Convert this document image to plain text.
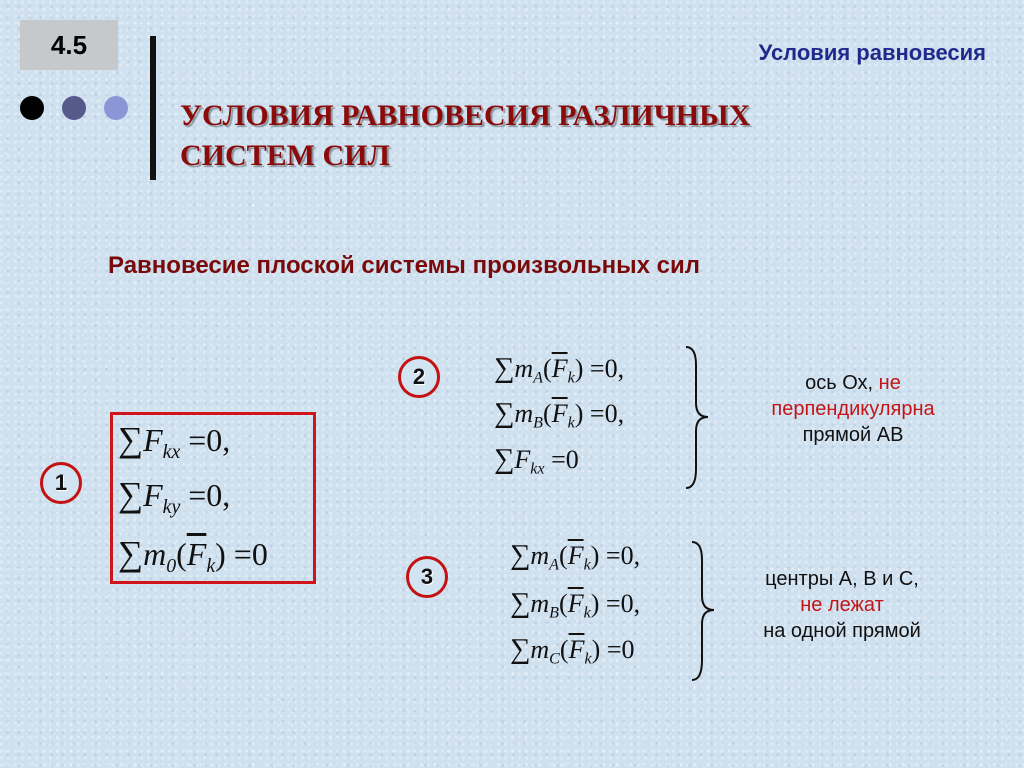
4.5	Условия равновесия
УСЛОВИЯ РАВНОВЕСИЯ РАЗЛИЧНЫХ
СИСТЕМ СИЛ
Равновесие плоской системы произвольных сил
1
$\sum F_{kx} =0$,
$\sum F_{ky} =0$,
$\sum m_0(\overline{F}_k) =0$
2	$\sum m_A(\overline{F}_k) =0$,
$\sum m_B(\overline{F}_k) =0$,
$\sum F_{kx} =0$
ось Ох, не
перпендикулярна
прямой АВ
3
$\sum m_A(\overline{F}_k) =0$,
$\sum m_B(\overline{F}_k) =0$,
$\sum m_C(\overline{F}_k) =0$
центры А, В и С,
не лежат
на одной прямой
